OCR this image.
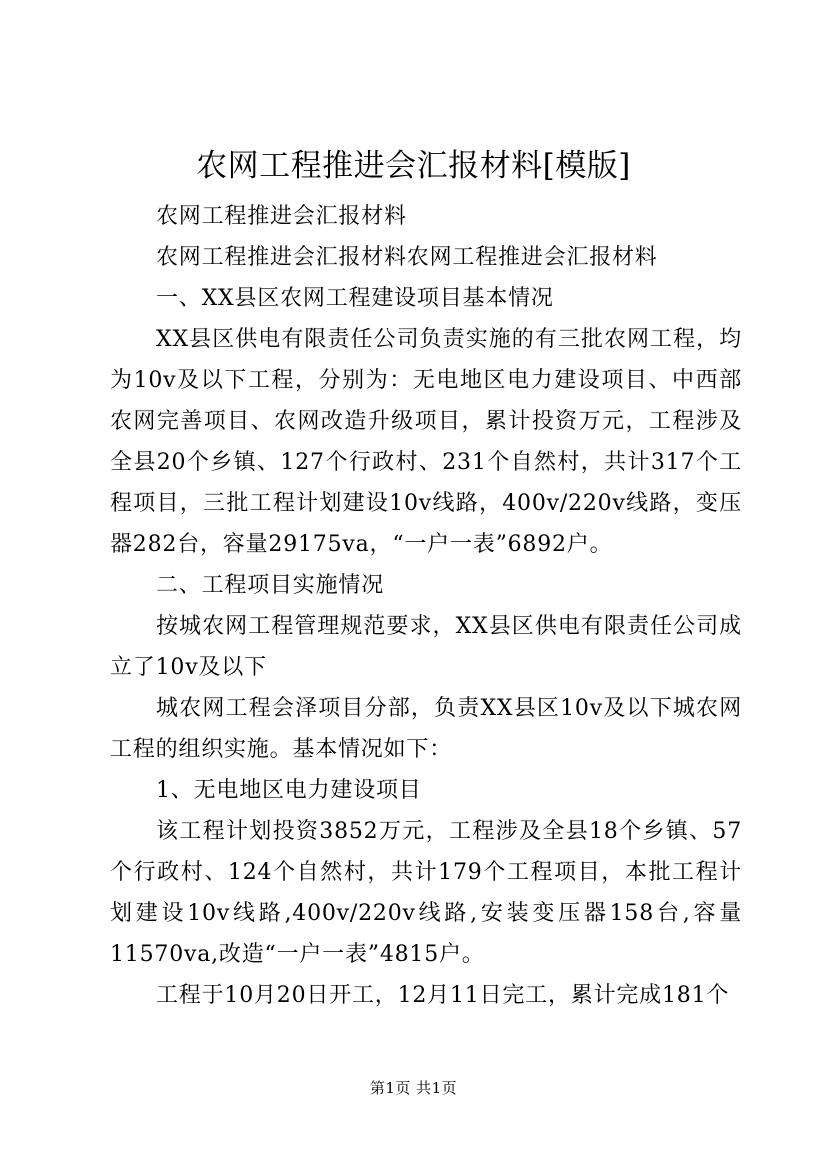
农网工程推进会汇报材料[模版]

农网工程推进会汇报材料

农网工程推进会汇报材料农网工程推进会汇报材料

一、XX县区农网工程建设项目基本情况

XX县区供电有限责任公司负责实施的有三批农网工程，均为10v及以下工程，分别为：无电地区电力建设项目、中西部农网完善项目、农网改造升级项目，累计投资万元，工程涉及全县20个乡镇、127个行政村、231个自然村，共计317个工程项目，三批工程计划建设10v线路，400v/220v线路，变压器282台，容量29175va，“一户一表”6892户。

二、工程项目实施情况

按城农网工程管理规范要求，XX县区供电有限责任公司成立了10v及以下

城农网工程会泽项目分部，负责XX县区10v及以下城农网工程的组织实施。基本情况如下：

1、无电地区电力建设项目

该工程计划投资3852万元，工程涉及全县18个乡镇、57个行政村、124个自然村，共计179个工程项目，本批工程计划建设10v线路,400v/220v线路,安装变压器158台,容量11570va,改造“一户一表”4815户。

工程于10月20日开工，12月11日完工，累计完成181个

第1页 共1页
